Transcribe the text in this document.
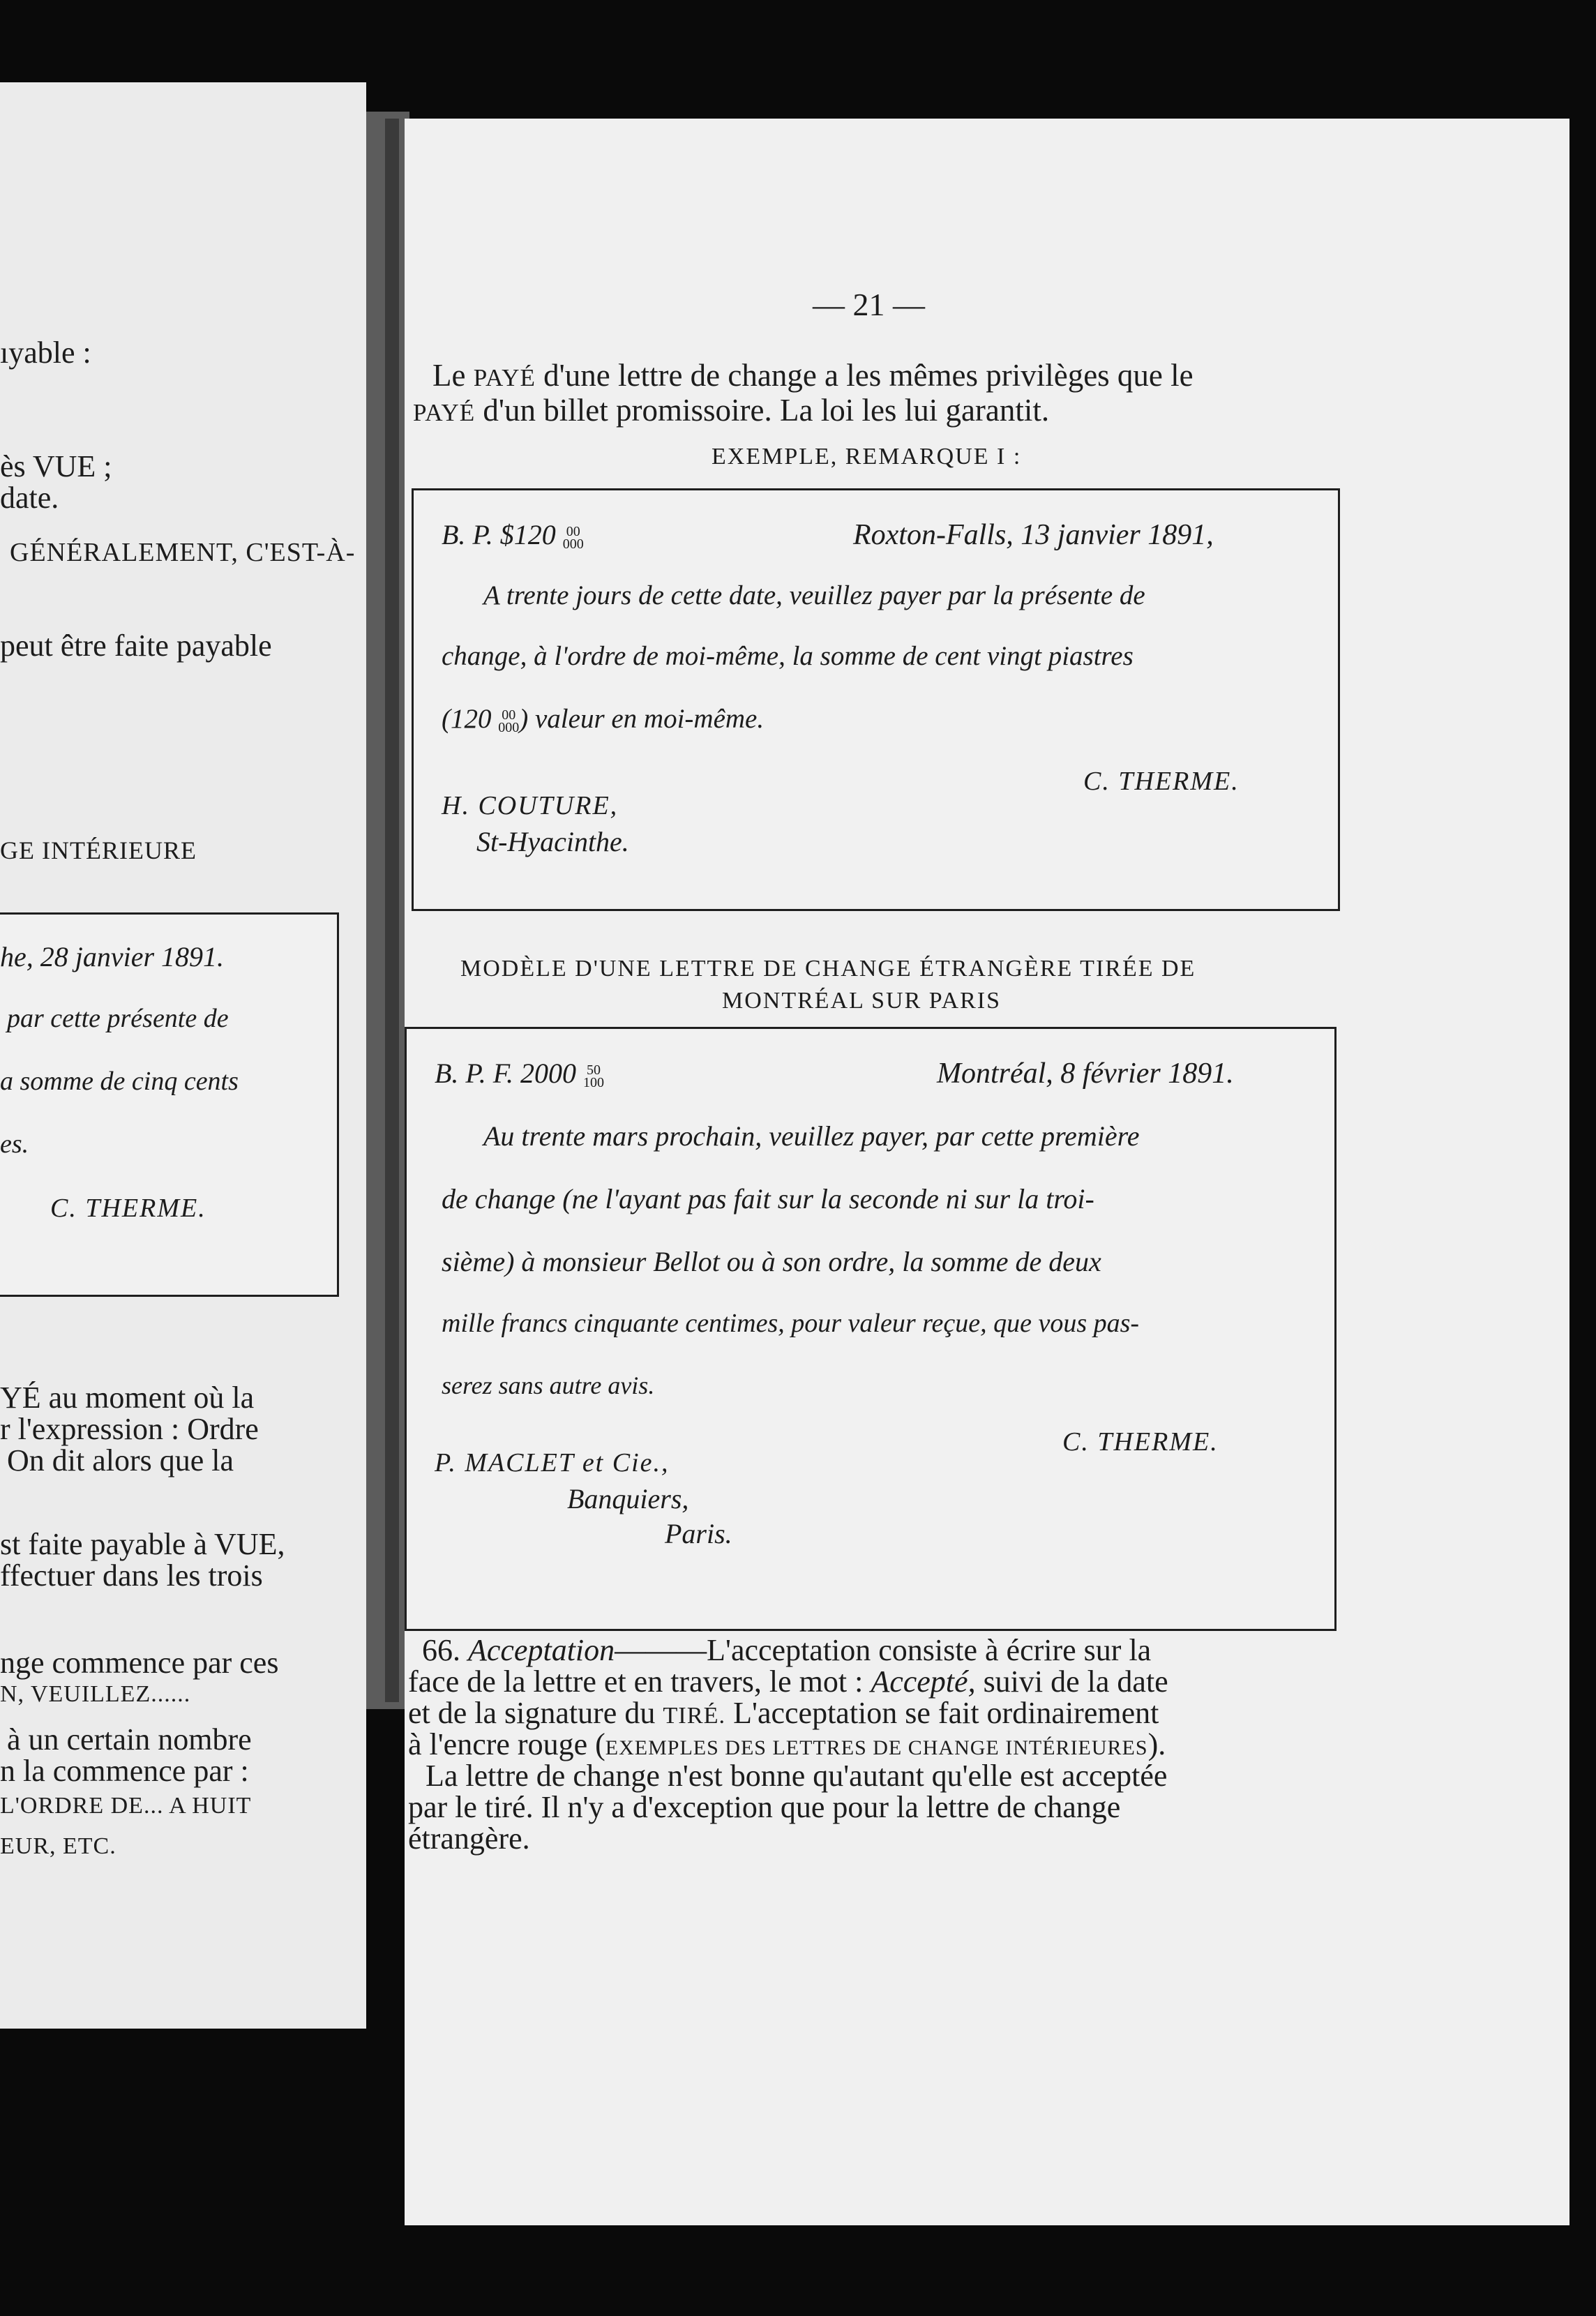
ıyable :
ès VUE ;
date.
GÉNÉRALEMENT, C'EST-À-
peut être faite payable
GE INTÉRIEURE
he, 28 janvier 1891.
par cette présente de
a somme de cinq cents
es.
C. THERME.
YÉ au moment où la
r l'expression : Ordre
On dit alors que la
st faite payable à VUE,
ffectuer dans les trois
nge commence par ces
N, VEUILLEZ......
à un certain nombre
n la commence par :
L'ORDRE DE... A HUIT
EUR, ETC.
— 21 —
Le PAYÉ d'une lettre de change a les mêmes privilèges que le
PAYÉ d'un billet promissoire. La loi les lui garantit.
EXEMPLE, REMARQUE I :
B. P. $120 00
000	Roxton-Falls, 13 janvier 1891,
A trente jours de cette date, veuillez payer par la présente de
change, à l'ordre de moi-même, la somme de cent vingt piastres
(120 00
000) valeur en moi-même.
H. COUTURE,
St-Hyacinthe.
C. THERME.
MODÈLE D'UNE LETTRE DE CHANGE ÉTRANGÈRE TIRÉE DE
MONTRÉAL SUR PARIS
B. P. F. 2000 50
100	Montréal, 8 février 1891.
Au trente mars prochain, veuillez payer, par cette première
de change (ne l'ayant pas fait sur la seconde ni sur la troi-
sième) à monsieur Bellot ou à son ordre, la somme de deux
mille francs cinquante centimes, pour valeur reçue, que vous pas-
serez sans autre avis.
P. MACLET et Cie.,
Banquiers,
Paris.
C. THERME.
66. Acceptation———L'acceptation consiste à écrire sur la
face de la lettre et en travers, le mot : Accepté, suivi de la date
et de la signature du TIRÉ. L'acceptation se fait ordinairement
à l'encre rouge (EXEMPLES DES LETTRES DE CHANGE INTÉRIEURES).
La lettre de change n'est bonne qu'autant qu'elle est acceptée
par le tiré. Il n'y a d'exception que pour la lettre de change
étrangère.
